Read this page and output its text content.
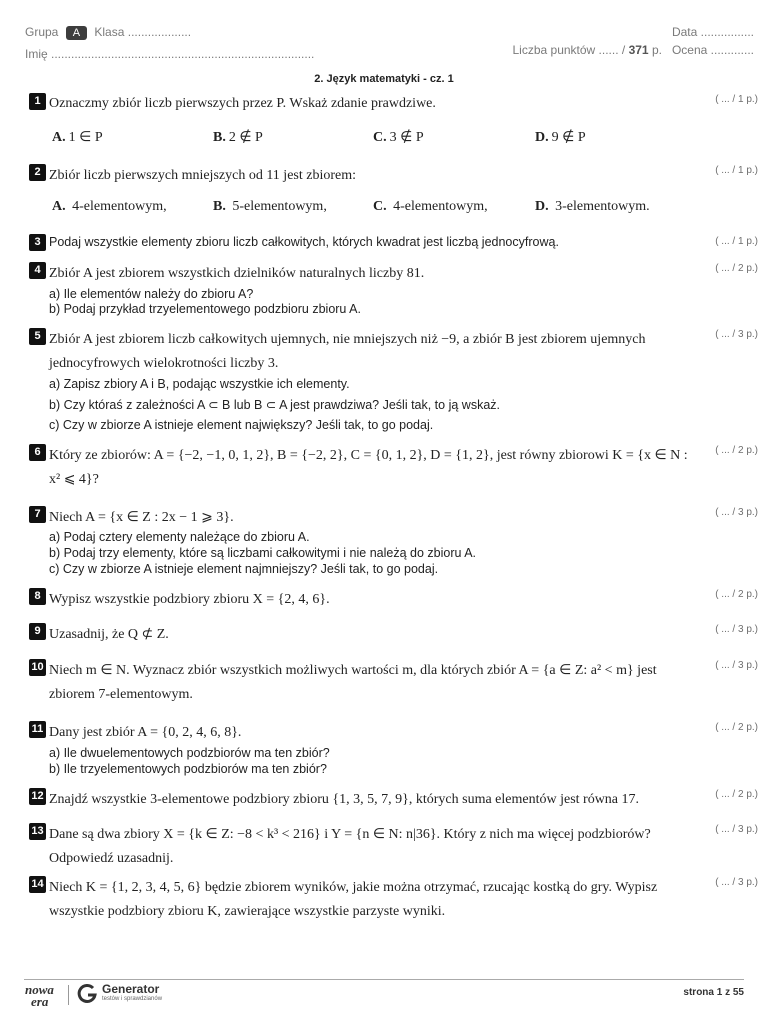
Grupa A Klasa ...................
Imię ...............................................................................
Data ................
Liczba punktów ...... / 371 p. Ocena .............
2. Język matematyki - cz. 1
1 Oznaczmy zbiór liczb pierwszych przez P. Wskaż zdanie prawdziwe.	( ... / 1 p.)
A. 1 ∈ P	B. 2 ∉ P	C. 3 ∉ P	D. 9 ∉ P
2 Zbiór liczb pierwszych mniejszych od 11 jest zbiorem:	( ... / 1 p.)
A. 4-elementowym,	B. 5-elementowym,	C. 4-elementowym,	D. 3-elementowym.
3 Podaj wszystkie elementy zbioru liczb całkowitych, których kwadrat jest liczbą jednocyfrową.	( ... / 1 p.)
4 Zbiór A jest zbiorem wszystkich dzielników naturalnych liczby 81.	( ... / 2 p.)
a) Ile elementów należy do zbioru A?
b) Podaj przykład trzyelementowego podzbioru zbioru A.
5 Zbiór A jest zbiorem liczb całkowitych ujemnych, nie mniejszych niż −9, a zbiór B jest zbiorem ujemnych jednocyfrowych wielokrotności liczby 3.
( ... / 3 p.)
a) Zapisz zbiory A i B, podając wszystkie ich elementy.
b) Czy któraś z zależności A ⊂ B lub B ⊂ A jest prawdziwa? Jeśli tak, to ją wskaż.
c) Czy w zbiorze A istnieje element największy? Jeśli tak, to go podaj.
6 Który ze zbiorów: A = {−2, −1, 0, 1, 2}, B = {−2, 2}, C = {0, 1, 2}, D = {1, 2}, jest równy zbiorowi K = {x ∈ N : x² ⩽ 4}?
( ... / 2 p.)
7 Niech A = {x ∈ Z : 2x − 1 ⩾ 3}.	( ... / 3 p.)
a) Podaj cztery elementy należące do zbioru A.
b) Podaj trzy elementy, które są liczbami całkowitymi i nie należą do zbioru A.
c) Czy w zbiorze A istnieje element najmniejszy? Jeśli tak, to go podaj.
8 Wypisz wszystkie podzbiory zbioru X = {2, 4, 6}.	( ... / 2 p.)
9 Uzasadnij, że Q ⊄ Z.	( ... / 3 p.)
10 Niech m ∈ N. Wyznacz zbiór wszystkich możliwych wartości m, dla których zbiór A = {a ∈ Z: a² < m} jest zbiorem 7-elementowym.
( ... / 3 p.)
11 Dany jest zbiór A = {0, 2, 4, 6, 8}.	( ... / 2 p.)
a) Ile dwuelementowych podzbiorów ma ten zbiór?
b) Ile trzyelementowych podzbiorów ma ten zbiór?
12 Znajdź wszystkie 3-elementowe podzbiory zbioru {1, 3, 5, 7, 9}, których suma elementów jest równa 17.	( ... / 2 p.)
13 Dane są dwa zbiory X = {k ∈ Z: −8 < k³ < 216} i Y = {n ∈ N: n|36}. Który z nich ma więcej podzbiorów? Odpowiedź uzasadnij.
( ... / 3 p.)
14 Niech K = {1, 2, 3, 4, 5, 6} będzie zbiorem wyników, jakie można otrzymać, rzucając kostką do gry. Wypisz wszystkie podzbiory zbioru K, zawierające wszystkie parzyste wyniki.
( ... / 3 p.)
nowa
era
Generator
testów i sprawdzianów
strona 1 z 55
